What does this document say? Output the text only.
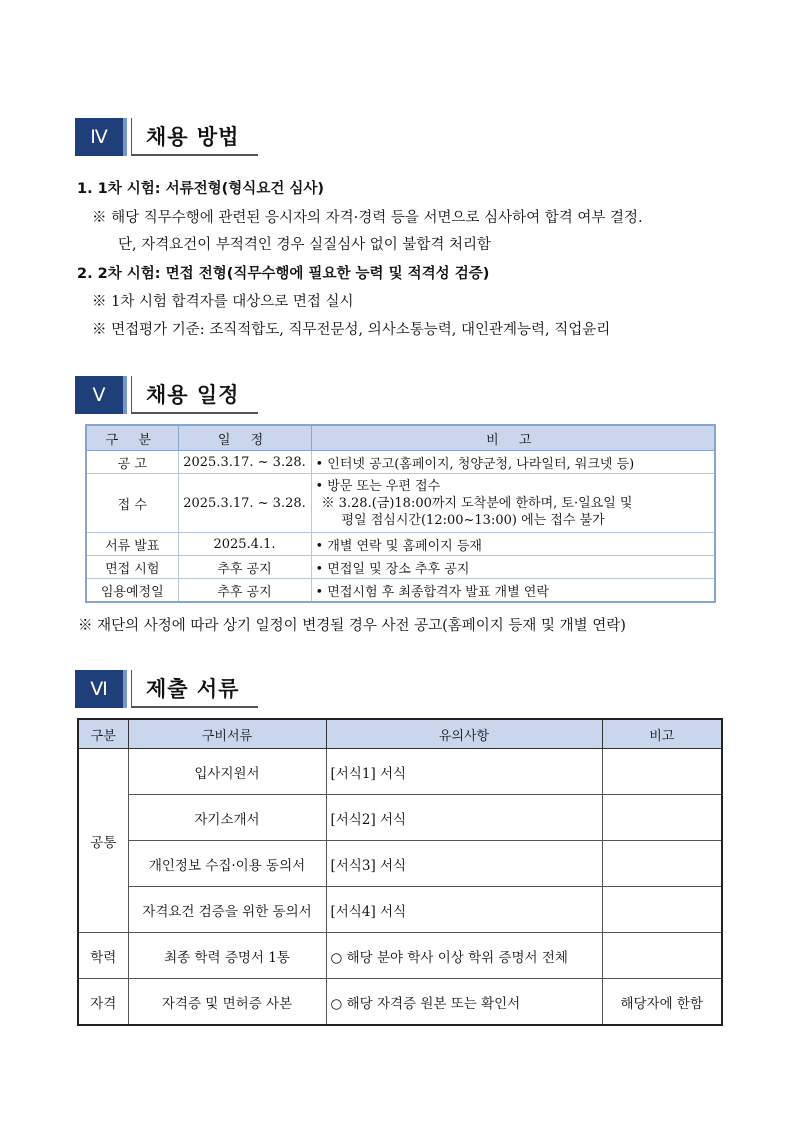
Ⅳ	채용 방법
1. 1차 시험: 서류전형(형식요건 심사)
※ 해당 직무수행에 관련된 응시자의 자격·경력 등을 서면으로 심사하여 합격 여부 결정.
단, 자격요건이 부적격인 경우 실질심사 없이 불합격 처리함
2. 2차 시험: 면접 전형(직무수행에 필요한 능력 및 적격성 검증)
※ 1차 시험 합격자를 대상으로 면접 실시
※ 면접평가 기준: 조직적합도, 직무전문성, 의사소통능력, 대인관계능력, 직업윤리
Ⅴ	채용 일정
구 분	일 정	비 고
공 고	2025.3.17. ~ 3.28.	• 인터넷 공고(홈페이지, 청양군청, 나라일터, 워크넷 등)
접 수	2025.3.17. ~ 3.28.	• 방문 또는 우편 접수
※ 3.28.(금)18:00까지 도착분에 한하며, 토·일요일 및
평일 점심시간(12:00~13:00) 에는 접수 불가

서류 발표	2025.4.1.	• 개별 연락 및 홈페이지 등재
면접 시험	추후 공지	• 면접일 및 장소 추후 공지
임용예정일	추후 공지	• 면접시험 후 최종합격자 발표 개별 연락
※ 재단의 사정에 따라 상기 일정이 변경될 경우 사전 공고(홈페이지 등재 및 개별 연락)
Ⅵ	제출 서류
구분	구비서류	유의사항	비고
공통	입사지원서	[서식1] 서식	
	자기소개서	[서식2] 서식	
	개인정보 수집·이용 동의서	[서식3] 서식	
	자격요건 검증을 위한 동의서	[서식4] 서식	
학력	최종 학력 증명서 1통	○ 해당 분야 학사 이상 학위 증명서 전체	
자격	자격증 및 면허증 사본	○ 해당 자격증 원본 또는 확인서	해당자에 한함
